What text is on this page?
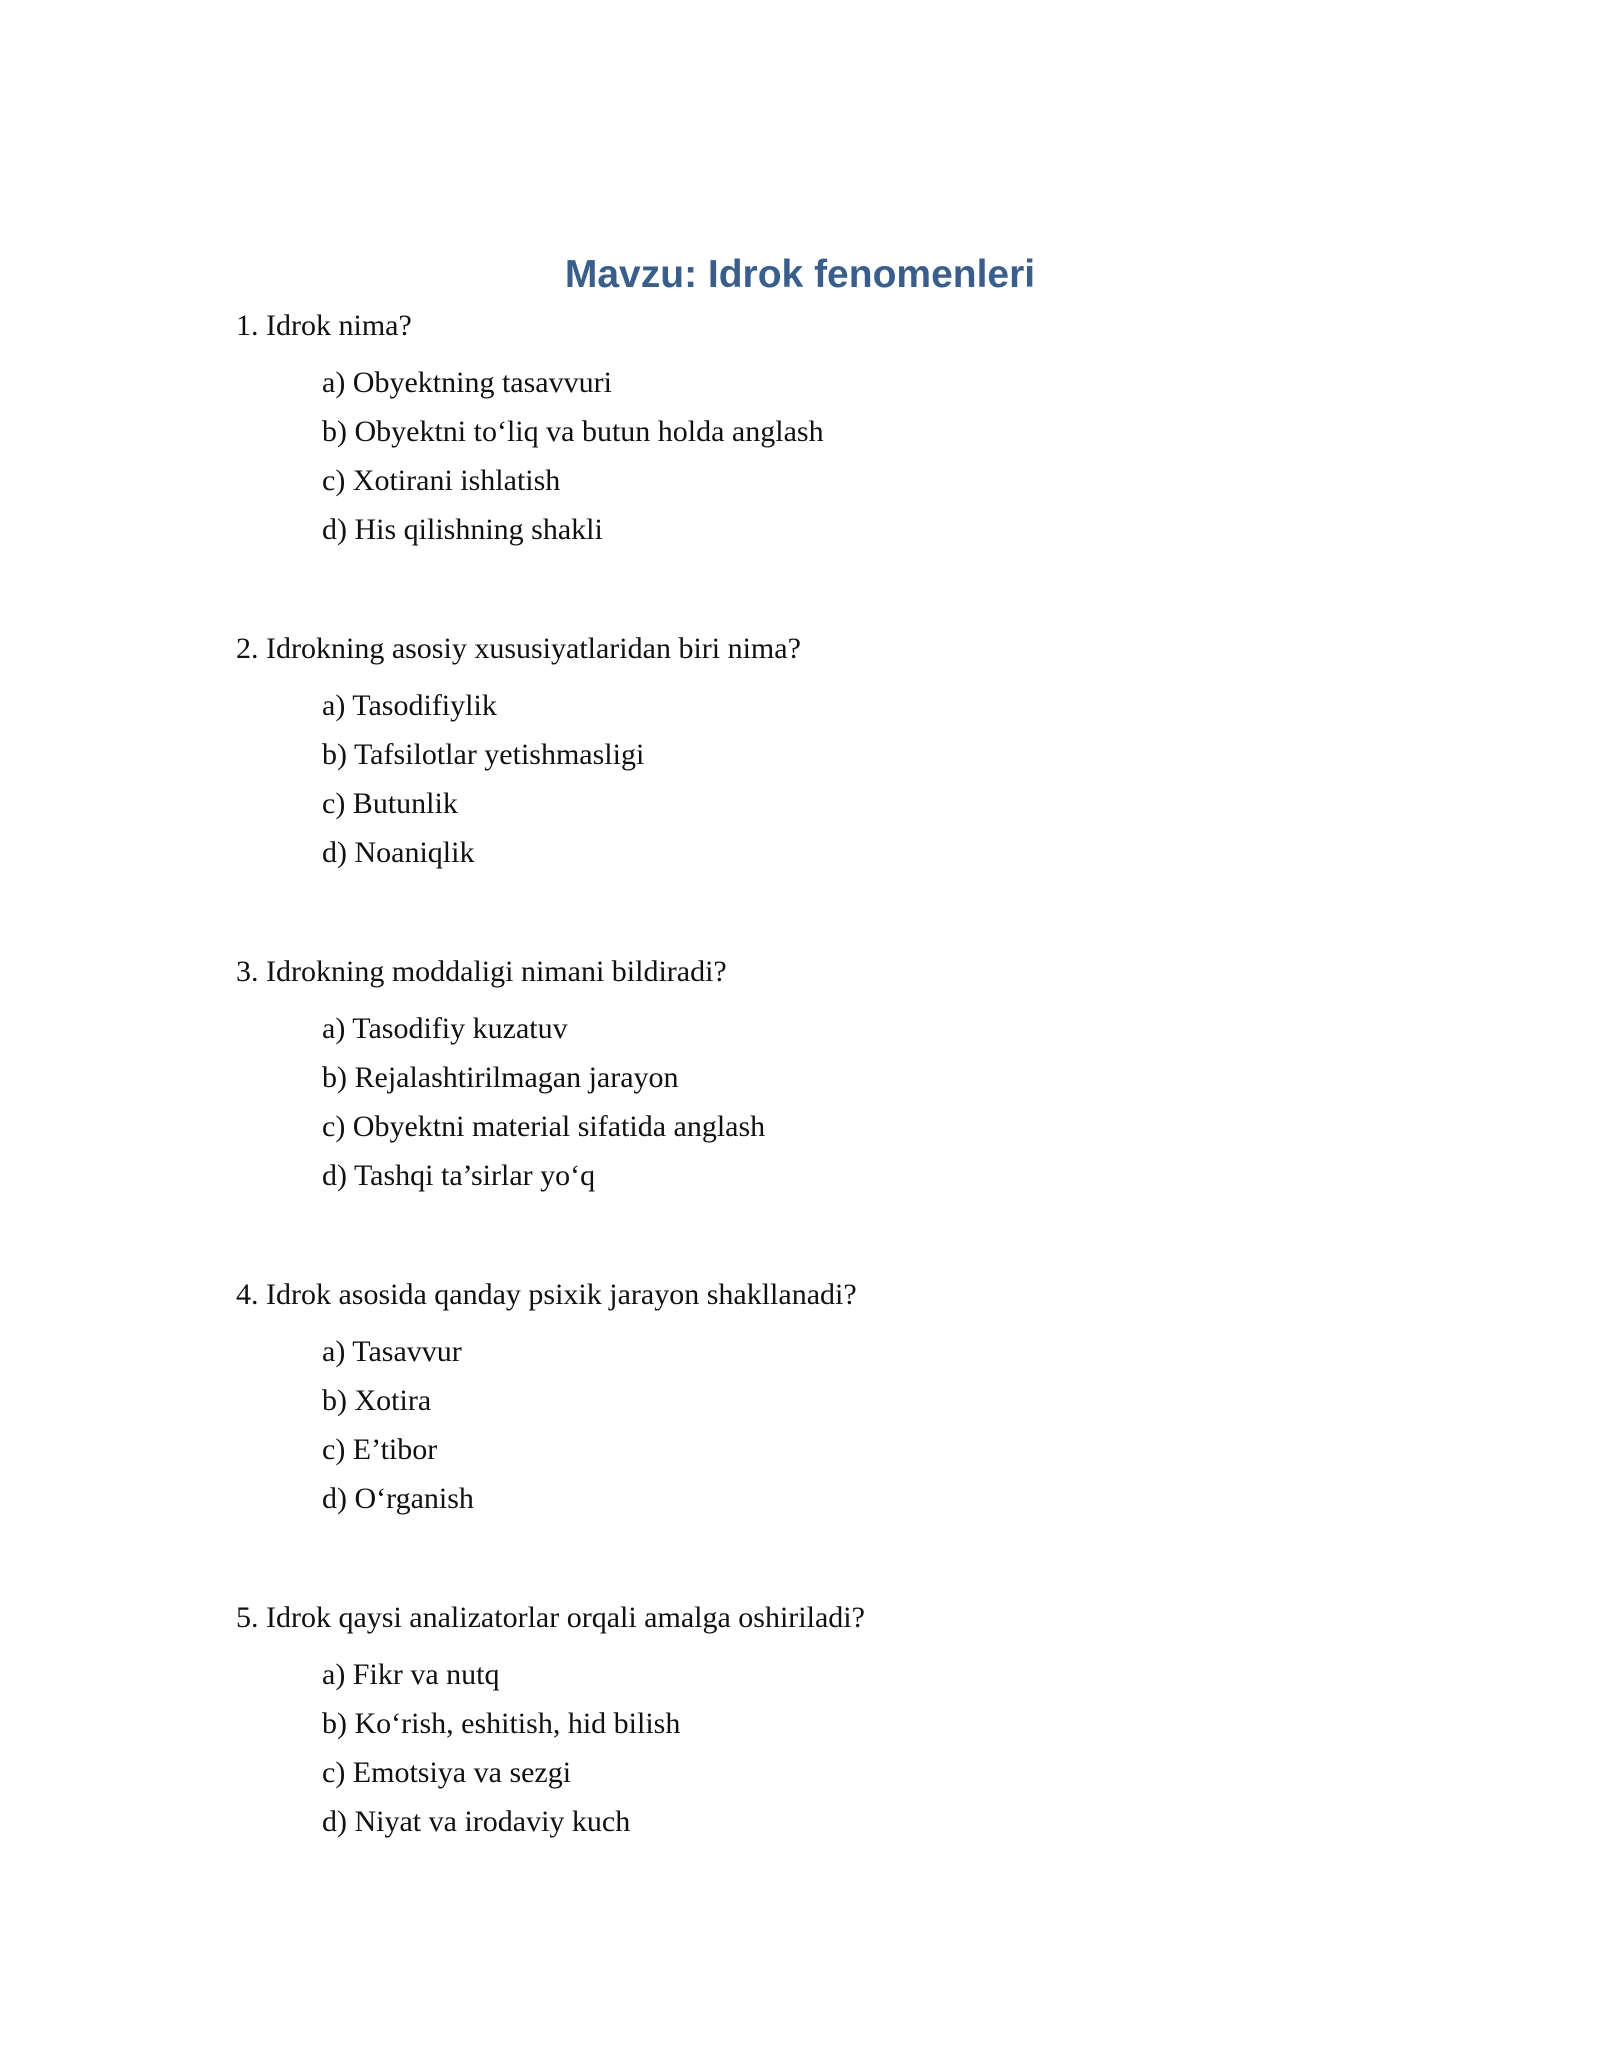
Mavzu: Idrok fenomenleri
1. Idrok nima?
a) Obyektning tasavvuri
b) Obyektni to‘liq va butun holda anglash
c) Xotirani ishlatish
d) His qilishning shakli
2. Idrokning asosiy xususiyatlaridan biri nima?
a) Tasodifiylik
b) Tafsilotlar yetishmasligi
c) Butunlik
d) Noaniqlik
3. Idrokning moddaligi nimani bildiradi?
a) Tasodifiy kuzatuv
b) Rejalashtirilmagan jarayon
c) Obyektni material sifatida anglash
d) Tashqi ta’sirlar yo‘q
4. Idrok asosida qanday psixik jarayon shakllanadi?
a) Tasavvur
b) Xotira
c) E’tibor
d) O‘rganish
5. Idrok qaysi analizatorlar orqali amalga oshiriladi?
a) Fikr va nutq
b) Ko‘rish, eshitish, hid bilish
c) Emotsiya va sezgi
d) Niyat va irodaviy kuch
